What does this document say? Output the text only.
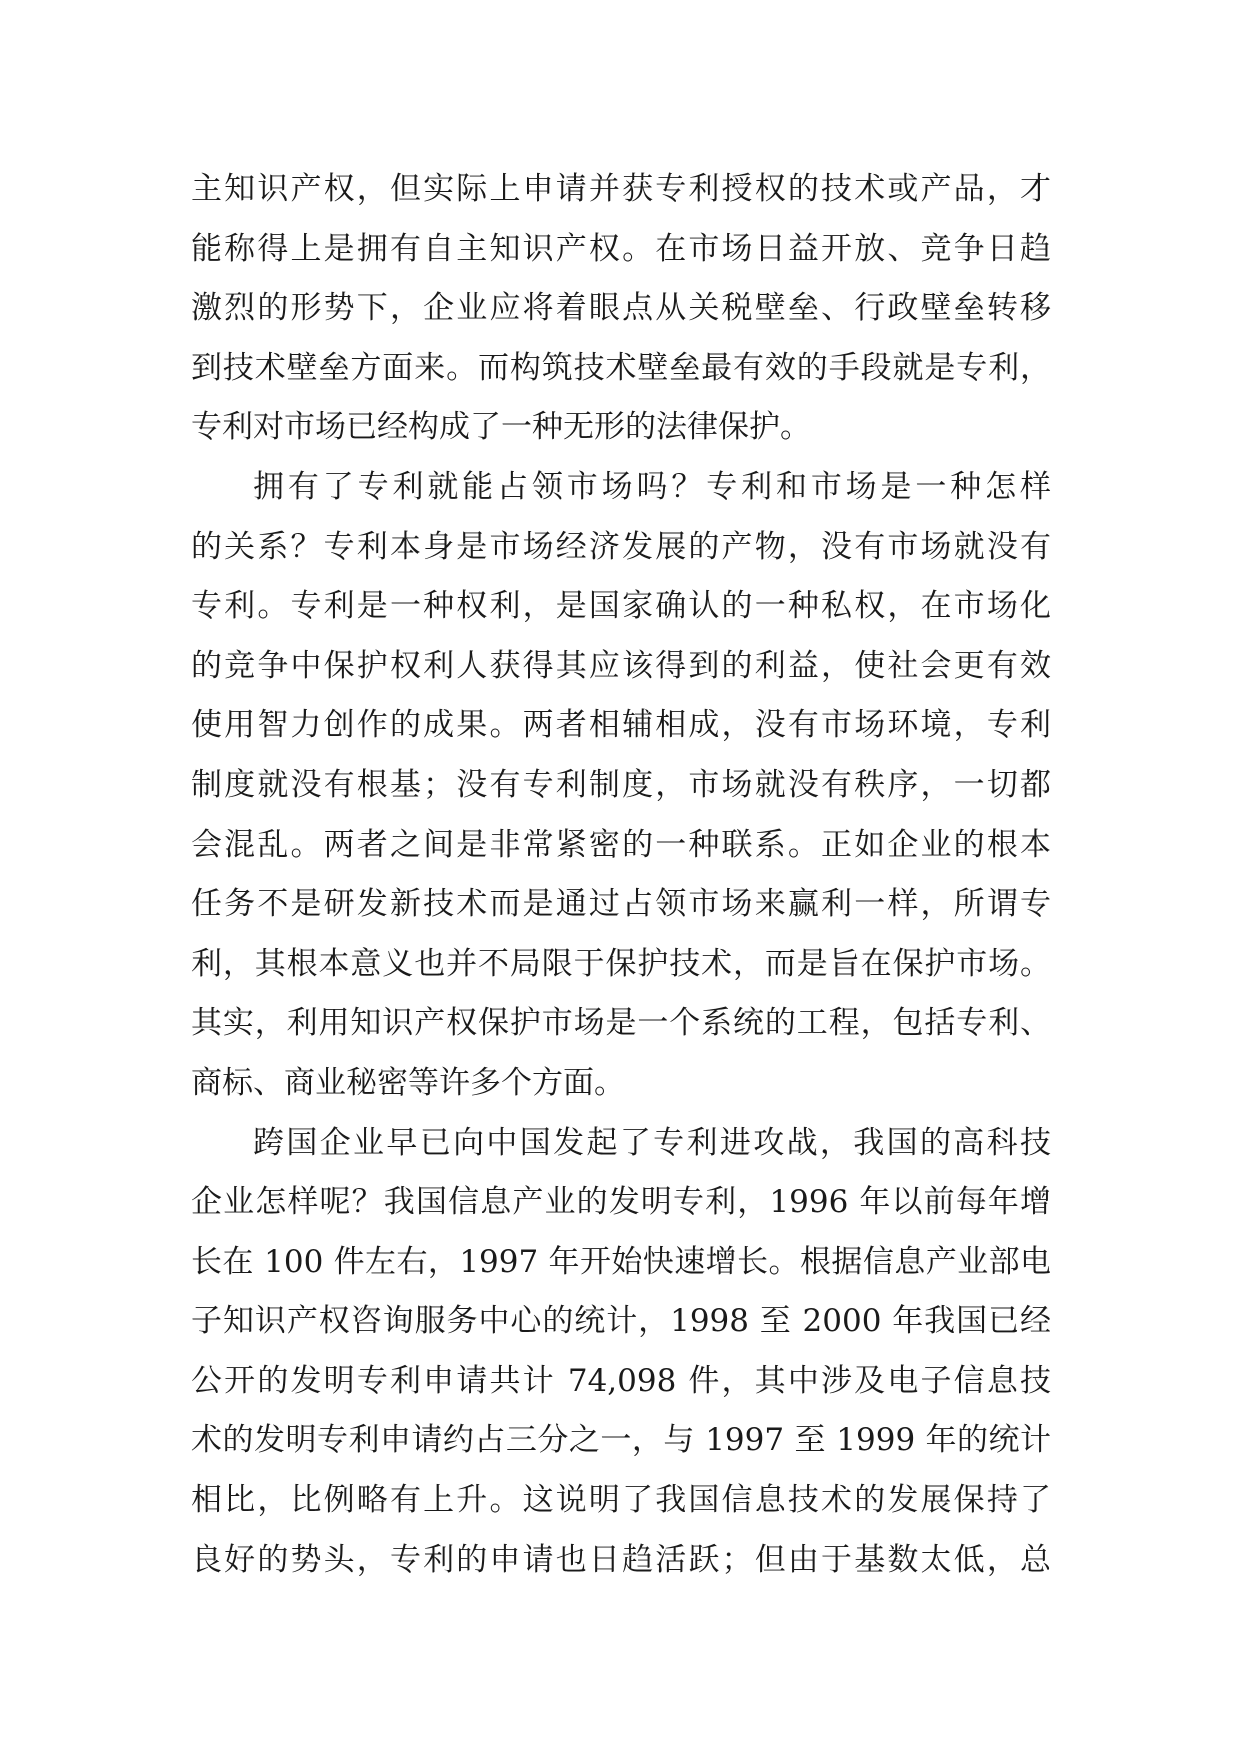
主知识产权，但实际上申请并获专利授权的技术或产品，才
能称得上是拥有自主知识产权。在市场日益开放、竞争日趋
激烈的形势下，企业应将着眼点从关税壁垒、行政壁垒转移
到技术壁垒方面来。而构筑技术壁垒最有效的手段就是专利，
专利对市场已经构成了一种无形的法律保护。
拥有了专利就能占领市场吗？专利和市场是一种怎样
的关系？专利本身是市场经济发展的产物，没有市场就没有
专利。专利是一种权利，是国家确认的一种私权，在市场化
的竞争中保护权利人获得其应该得到的利益，使社会更有效
使用智力创作的成果。两者相辅相成，没有市场环境，专利
制度就没有根基；没有专利制度，市场就没有秩序，一切都
会混乱。两者之间是非常紧密的一种联系。正如企业的根本
任务不是研发新技术而是通过占领市场来赢利一样，所谓专
利，其根本意义也并不局限于保护技术，而是旨在保护市场。
其实，利用知识产权保护市场是一个系统的工程，包括专利、
商标、商业秘密等许多个方面。
跨国企业早已向中国发起了专利进攻战，我国的高科技
企业怎样呢？我国信息产业的发明专利，1996 年以前每年增
长在 100 件左右，1997 年开始快速增长。根据信息产业部电
子知识产权咨询服务中心的统计，1998 至 2000 年我国已经
公开的发明专利申请共计 74,098 件，其中涉及电子信息技
术的发明专利申请约占三分之一，与 1997 至 1999 年的统计
相比，比例略有上升。这说明了我国信息技术的发展保持了
良好的势头，专利的申请也日趋活跃；但由于基数太低，总
